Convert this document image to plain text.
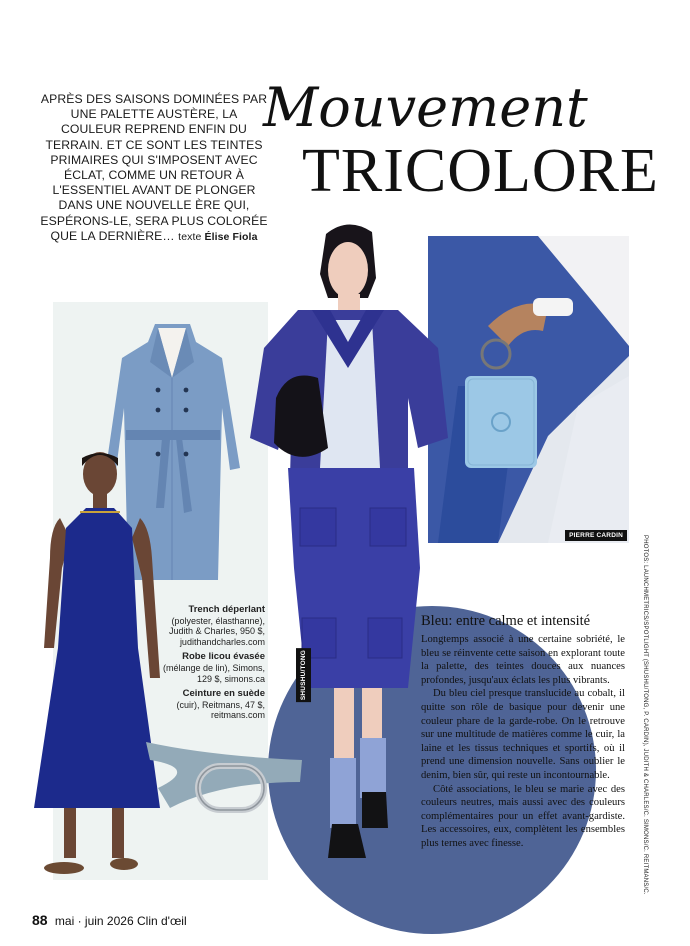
APRÈS DES SAISONS DOMINÉES PAR UNE PALETTE AUSTÈRE, LA COULEUR REPREND ENFIN DU TERRAIN. ET CE SONT LES TEINTES PRIMAIRES QUI S'IMPOSENT AVEC ÉCLAT, COMME UN RETOUR À L'ESSENTIEL AVANT DE PLONGER DANS UNE NOUVELLE ÈRE QUI, ESPÉRONS-LE, SERA PLUS COLORÉE QUE LA DERNIÈRE… texte Élise Fiola
Mouvement
TRICOLORE
PIERRE CARDIN
SHUSHU/TONG

Trench déperlant
(polyester, élasthanne), Judith & Charles, 950 $, judithandcharles.com

Robe licou évasée
(mélange de lin), Simons, 129 $, simons.ca

Ceinture en suède
(cuir), Reitmans, 47 $, reitmans.com

Bleu: entre calme et intensité

Longtemps associé à une certaine sobriété, le bleu se réinvente cette saison en explorant toute la palette, des teintes douces aux nuances profondes, jusqu'aux éclats les plus vibrants.

Du bleu ciel presque translucide au cobalt, il quitte son rôle de basique pour devenir une couleur phare de la garde-robe. On le retrouve sur une multitude de matières comme le cuir, la laine et les tissus techniques et sportifs, où il prend une dimension nouvelle. Sans oublier le denim, bien sûr, qui reste un incontournable.

Côté associations, le bleu se marie avec des couleurs neutres, mais aussi avec des couleurs complémentaires pour un effet avant-gardiste. Les accessoires, eux, complètent les ensembles plus ternes avec finesse.	PHOTOS: LAUNCHMETRICS/SPOTLIGHT (SHUSHU/TONG, P. CARDIN), JUDITH & CHARLES/C. SIMONS/C. REITMANS/C.
88 mai · juin 2026 Clin d'œil
